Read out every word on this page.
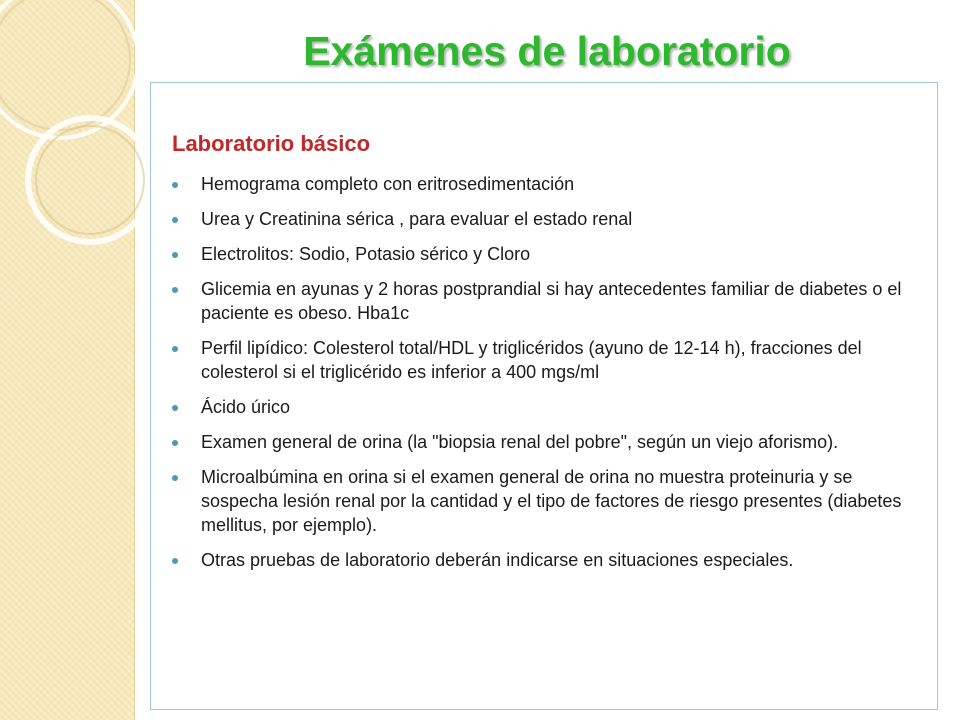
Exámenes de laboratorio
Laboratorio básico
Hemograma completo con eritrosedimentación
Urea y Creatinina sérica , para evaluar el estado renal
Electrolitos: Sodio, Potasio sérico y Cloro
Glicemia en ayunas y 2 horas postprandial si hay antecedentes familiar de diabetes o el paciente es obeso. Hba1c
Perfil lipídico: Colesterol total/HDL y triglicéridos (ayuno de 12-14 h), fracciones del colesterol si el triglicérido es inferior a 400 mgs/ml
Ácido úrico
Examen general de orina (la "biopsia renal del pobre", según un viejo aforismo).
Microalbúmina en orina si el examen general de orina no muestra proteinuria y se sospecha lesión renal por la cantidad y el tipo de factores de riesgo presentes (diabetes mellitus, por ejemplo).
Otras pruebas de laboratorio deberán indicarse en situaciones especiales.
